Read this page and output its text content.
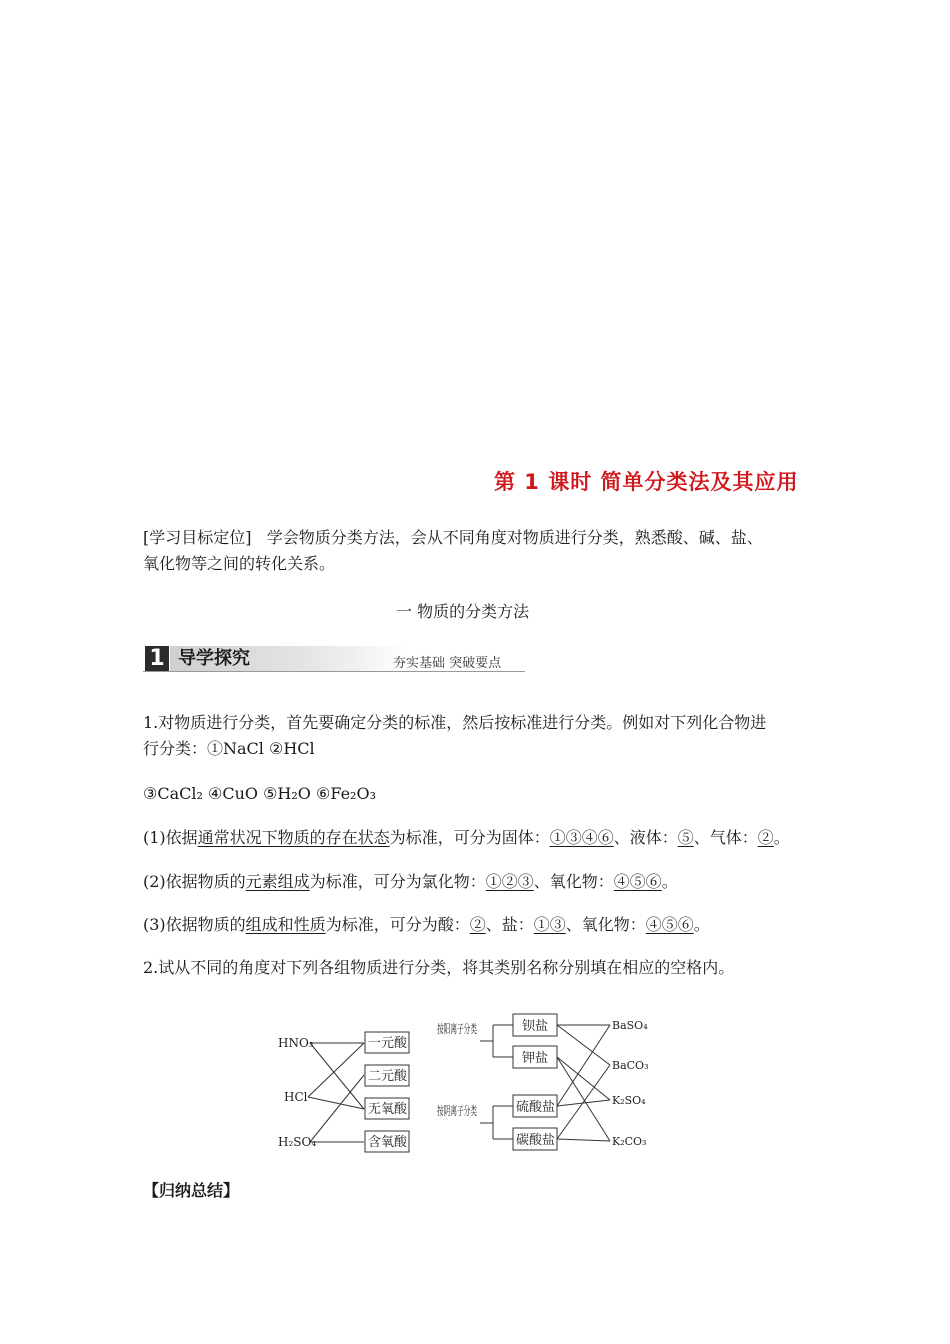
第 1 课时 简单分类法及其应用
[学习目标定位] 学会物质分类方法，会从不同角度对物质进行分类，熟悉酸、碱、盐、
氧化物等之间的转化关系。
一 物质的分类方法
1 导学探究	夯实基础 突破要点
1.对物质进行分类，首先要确定分类的标准，然后按标准进行分类。例如对下列化合物进
行分类：①NaCl ②HCl
③CaCl₂ ④CuO ⑤H₂O ⑥Fe₂O₃
(1)依据通常状况下物质的存在状态为标准，可分为固体：①③④⑥、液体：⑤、气体：②。
(2)依据物质的元素组成为标准，可分为氯化物：①②③、氧化物：④⑤⑥。
(3)依据物质的组成和性质为标准，可分为酸：②、盐：①③、氧化物：④⑤⑥。
2.试从不同的角度对下列各组物质进行分类，将其类别名称分别填在相应的空格内。
HNO₃
HCl
H₂SO₄
一元酸
二元酸
无氧酸
含氧酸
按阳离子分类
按阴离子分类
钡盐
钾盐
硫酸盐
碳酸盐
BaSO₄
BaCO₃
K₂SO₄
K₂CO₃
【归纳总结】
